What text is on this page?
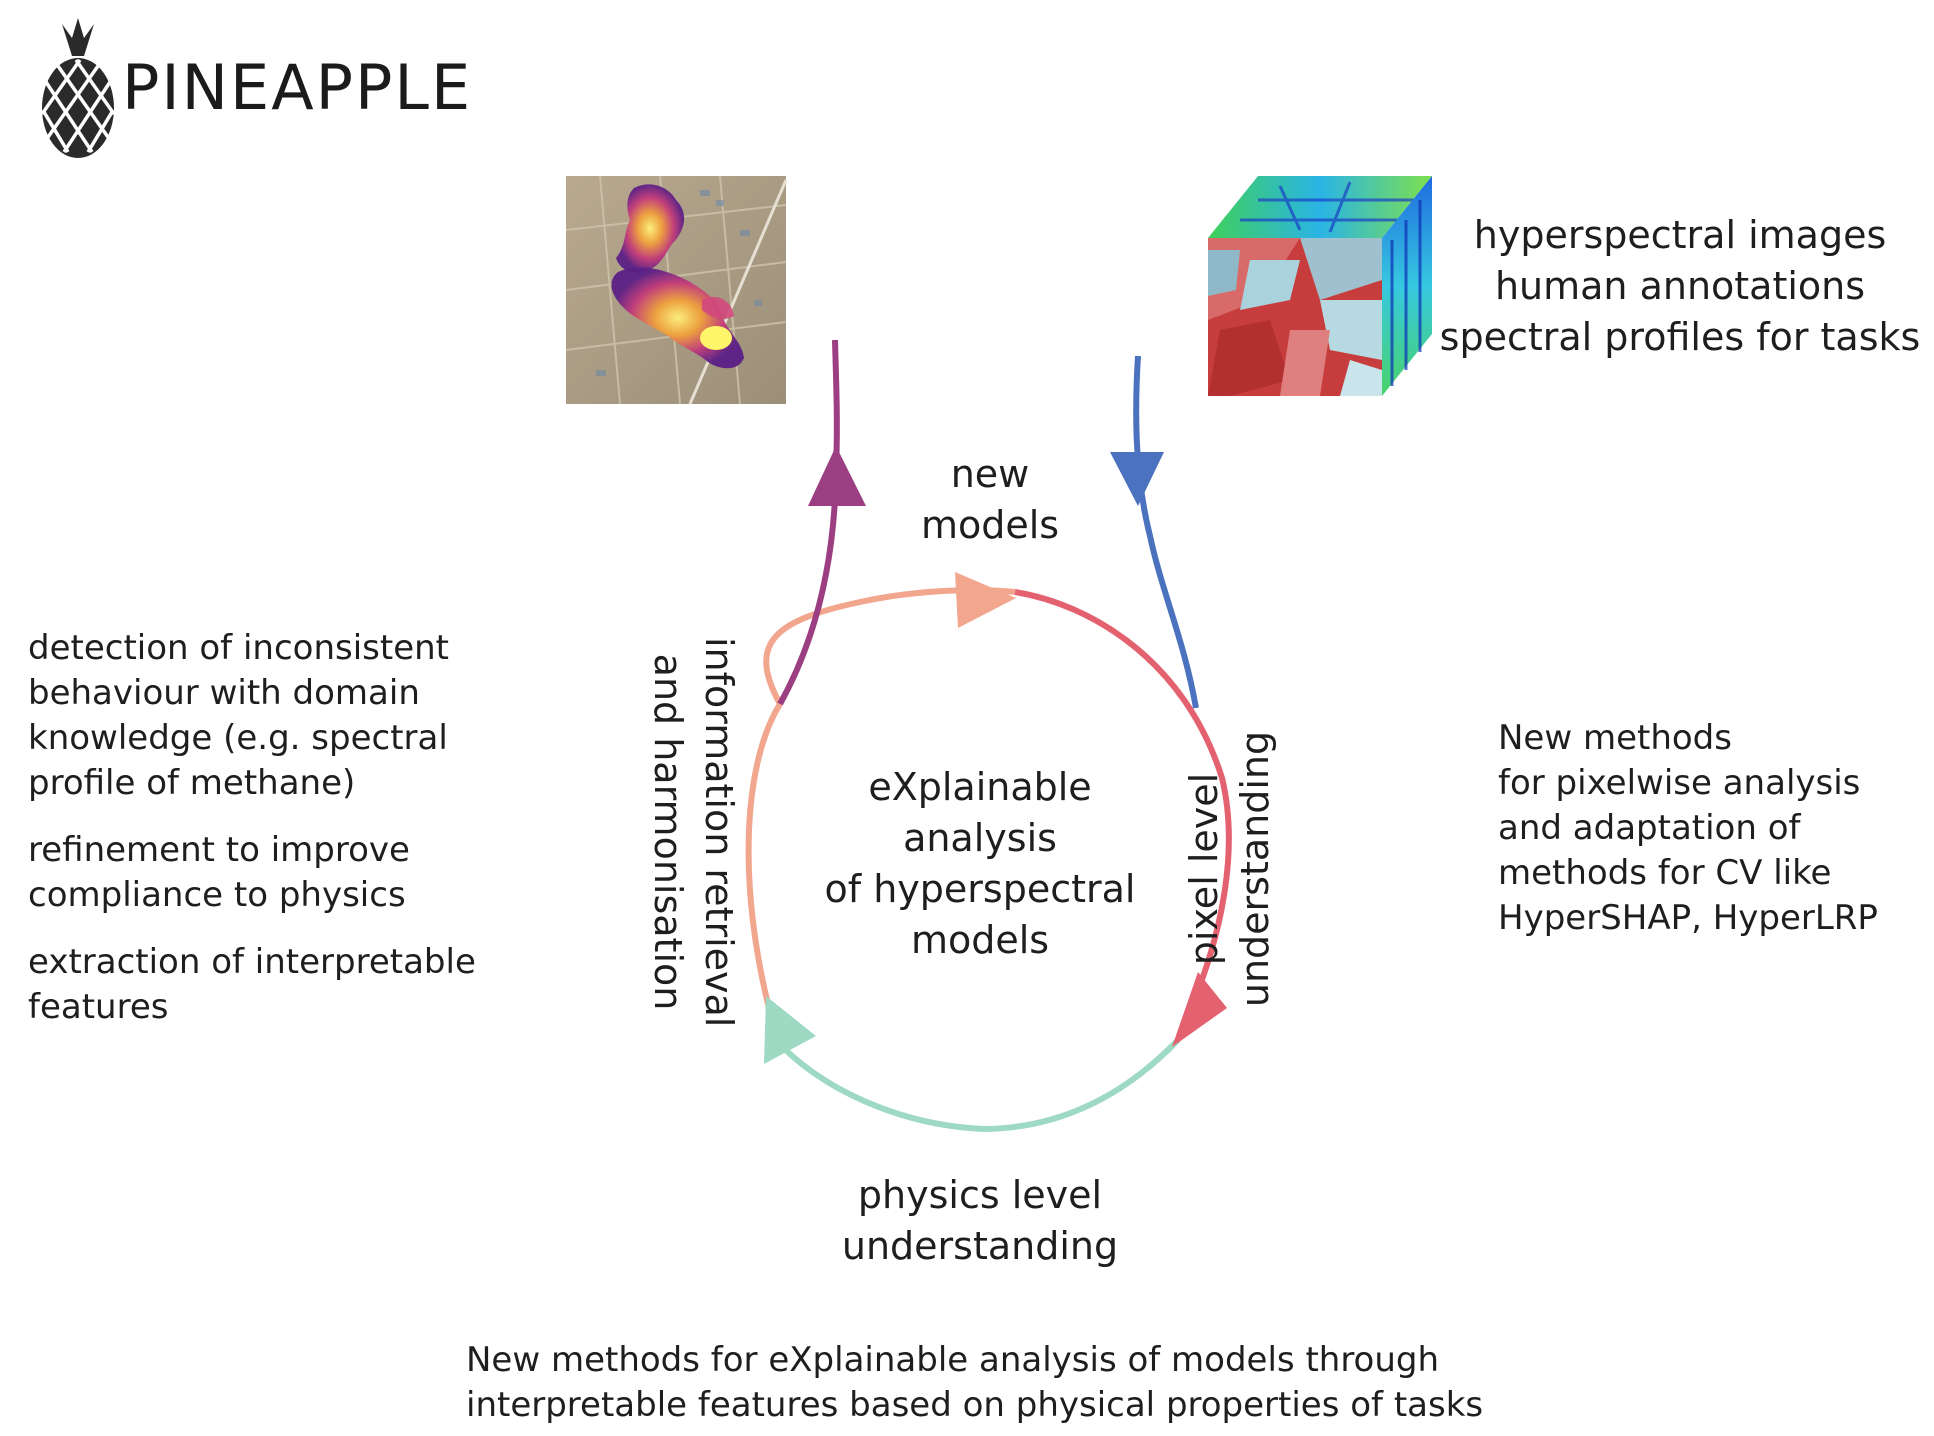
PINEAPPLE
new
models
eXplainable
analysis
of hyperspectral
models
physics level
understanding
information retrieval
and harmonisation	pixel level understanding
hyperspectral images
human annotations
spectral profiles for tasks

detection of inconsistent
behaviour with domain
knowledge (e.g. spectral
profile of methane)

refinement to improve
compliance to physics

extraction of interpretable
features

New methods
for pixelwise analysis
and adaptation of
methods for CV like
HyperSHAP, HyperLRP
New methods for eXplainable analysis of models through
interpretable features based on physical properties of tasks
